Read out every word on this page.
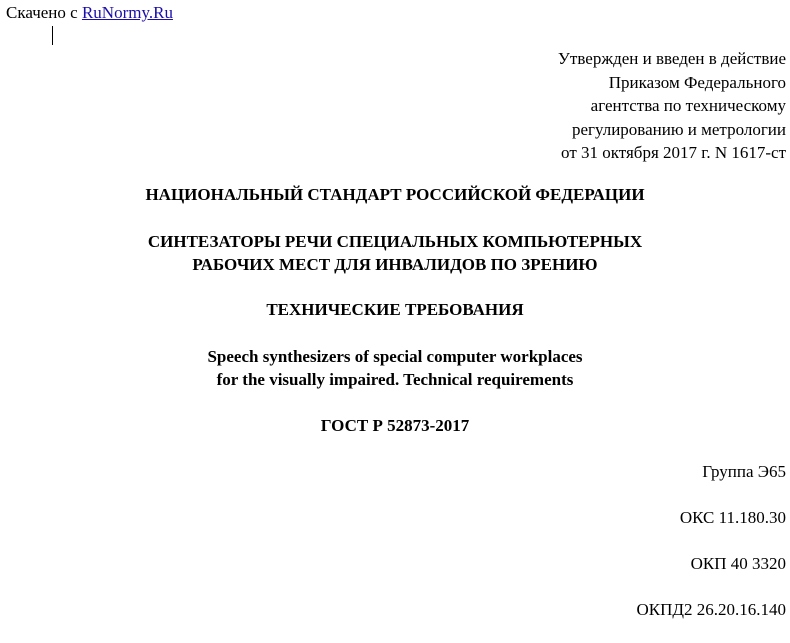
Скачено с RuNormy.Ru
Утвержден и введен в действие
Приказом Федерального
агентства по техническому
регулированию и метрологии
от 31 октября 2017 г. N 1617-ст
НАЦИОНАЛЬНЫЙ СТАНДАРТ РОССИЙСКОЙ ФЕДЕРАЦИИ
СИНТЕЗАТОРЫ РЕЧИ СПЕЦИАЛЬНЫХ КОМПЬЮТЕРНЫХ
РАБОЧИХ МЕСТ ДЛЯ ИНВАЛИДОВ ПО ЗРЕНИЮ
ТЕХНИЧЕСКИЕ ТРЕБОВАНИЯ
Speech synthesizers of special computer workplaces
for the visually impaired. Technical requirements
ГОСТ Р 52873-2017
Группа Э65
ОКС 11.180.30
ОКП 40 3320
ОКПД2 26.20.16.140
